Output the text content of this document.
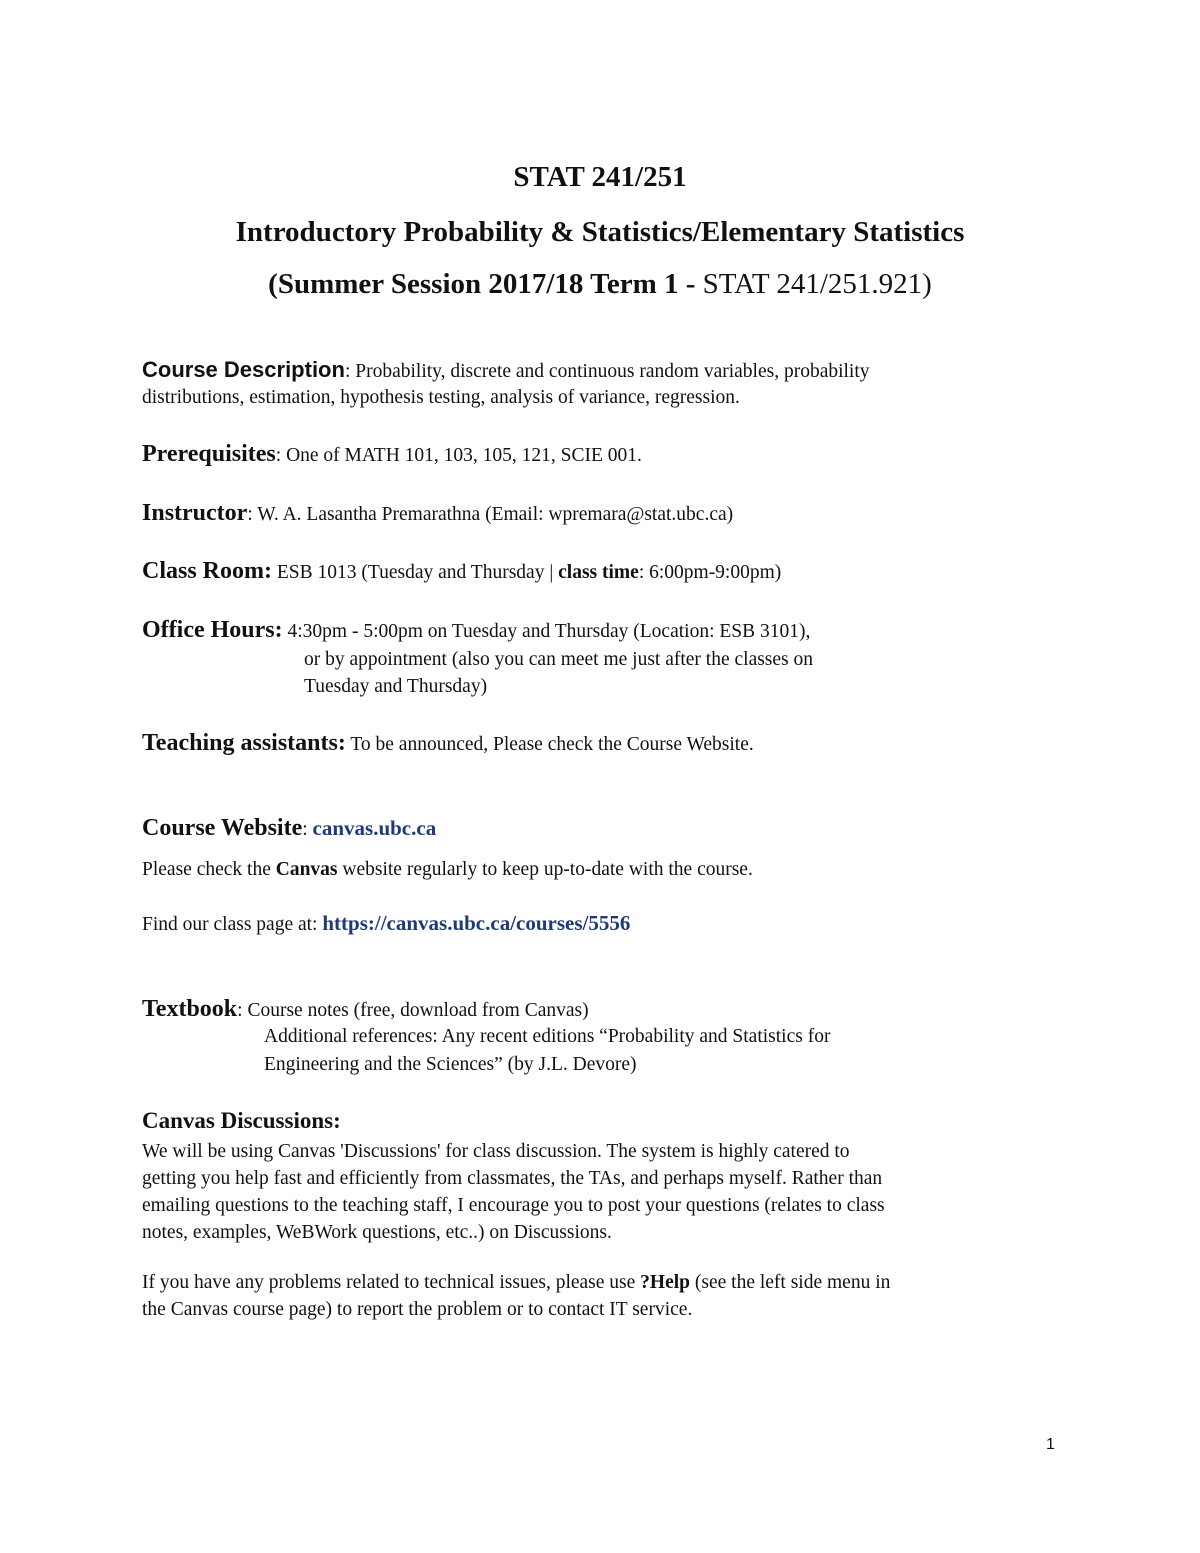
STAT 241/251
Introductory Probability & Statistics/Elementary Statistics
(Summer Session 2017/18 Term 1 - STAT 241/251.921)
Course Description: Probability, discrete and continuous random variables, probability
distributions, estimation, hypothesis testing, analysis of variance, regression.
Prerequisites: One of MATH 101, 103, 105, 121, SCIE 001.
Instructor: W. A. Lasantha Premarathna (Email: wpremara@stat.ubc.ca)
Class Room: ESB 1013 (Tuesday and Thursday | class time: 6:00pm-9:00pm)
Office Hours: 4:30pm - 5:00pm on Tuesday and Thursday (Location: ESB 3101),
or by appointment (also you can meet me just after the classes on
Tuesday and Thursday)
Teaching assistants: To be announced, Please check the Course Website.
Course Website: canvas.ubc.ca
Please check the Canvas website regularly to keep up-to-date with the course.
Find our class page at: https://canvas.ubc.ca/courses/5556
Textbook: Course notes (free, download from Canvas)
Additional references: Any recent editions “Probability and Statistics for
Engineering and the Sciences” (by J.L. Devore)
Canvas Discussions:
We will be using Canvas 'Discussions' for class discussion. The system is highly catered to
getting you help fast and efficiently from classmates, the TAs, and perhaps myself. Rather than
emailing questions to the teaching staff, I encourage you to post your questions (relates to class
notes, examples, WeBWork questions, etc..) on Discussions.
If you have any problems related to technical issues, please use ?Help (see the left side menu in
the Canvas course page) to report the problem or to contact IT service.
1
